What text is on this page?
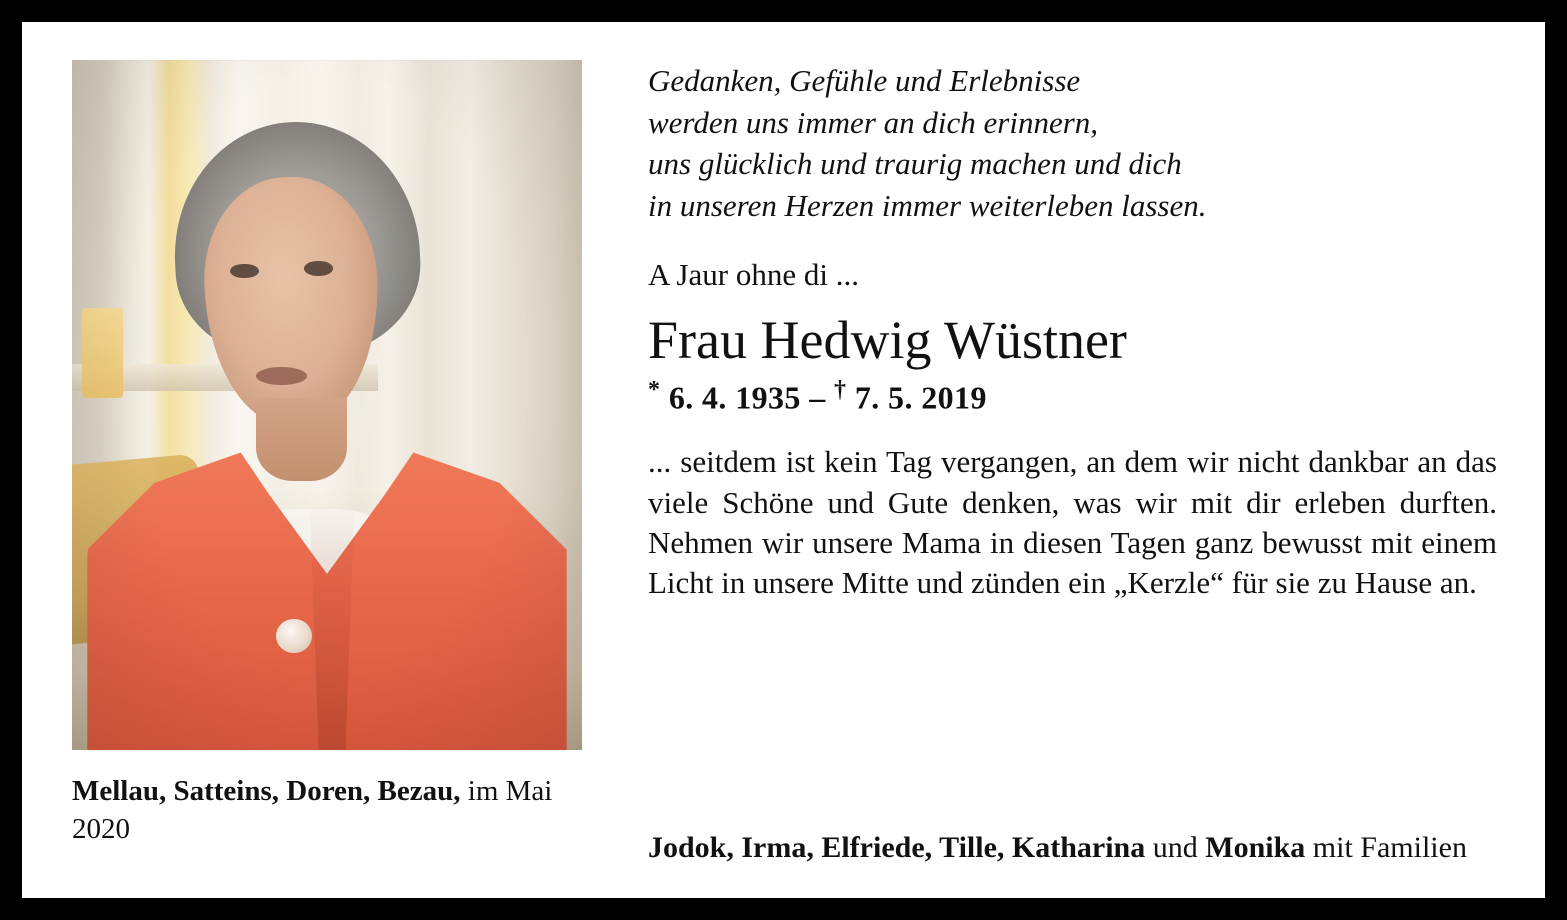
Mellau, Satteins, Doren, Bezau, im Mai 2020
Gedanken, Gefühle und Erlebnisse
werden uns immer an dich erinnern,
uns glücklich und traurig machen und dich
in unseren Herzen immer weiterleben lassen.
A Jaur ohne di ...
Frau Hedwig Wüstner
* 6. 4. 1935 – † 7. 5. 2019
... seitdem ist kein Tag vergangen, an dem wir nicht dankbar an das viele Schöne und Gute denken, was wir mit dir erleben durften. Nehmen wir unsere Mama in diesen Tagen ganz bewusst mit einem Licht in unsere Mitte und zünden ein „Kerzle“ für sie zu Hause an.
Jodok, Irma, Elfriede, Tille, Katharina und Monika mit Familien
